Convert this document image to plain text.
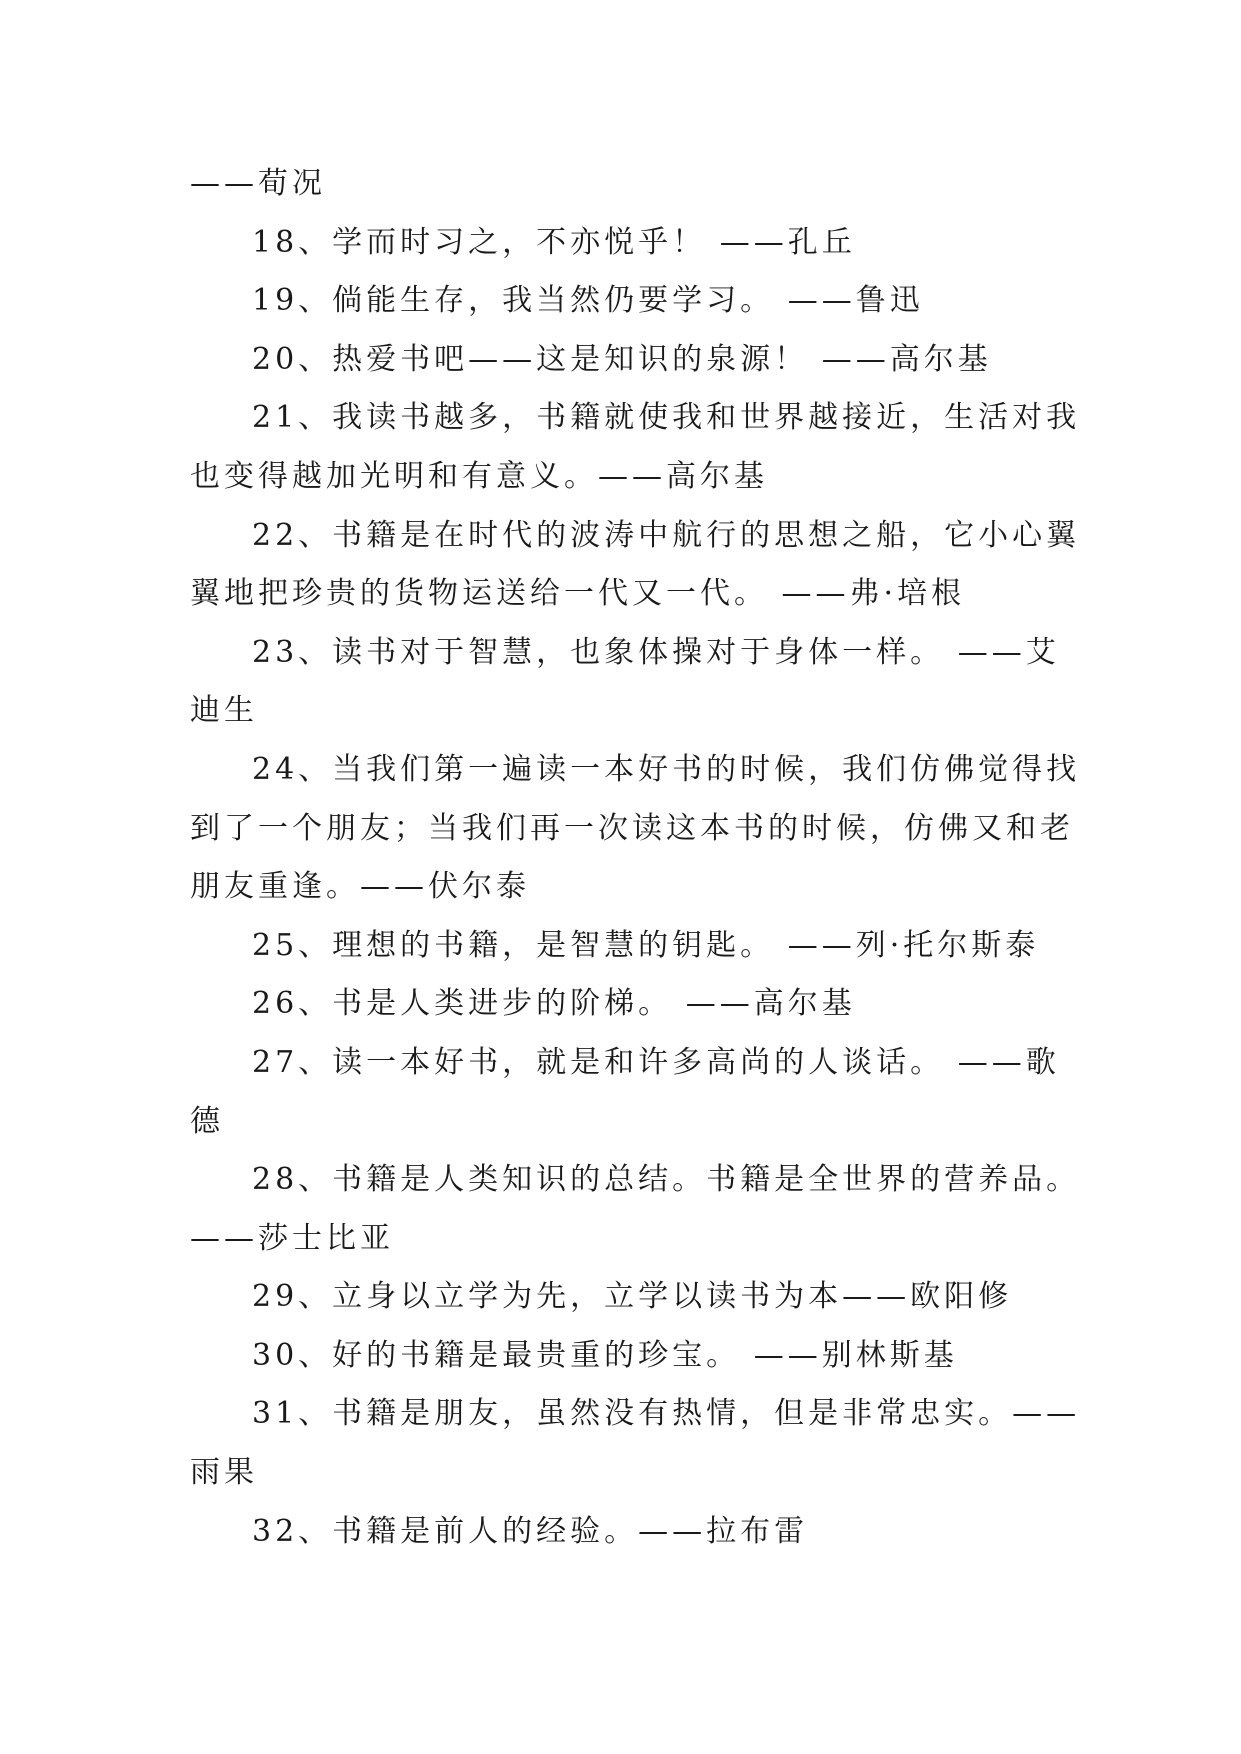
——荀况

18、学而时习之，不亦悦乎！ ——孔丘

19、倘能生存，我当然仍要学习。 ——鲁迅

20、热爱书吧——这是知识的泉源！ ——高尔基

21、我读书越多，书籍就使我和世界越接近，生活对我

也变得越加光明和有意义。——高尔基

22、书籍是在时代的波涛中航行的思想之船，它小心翼

翼地把珍贵的货物运送给一代又一代。 ——弗·培根

23、读书对于智慧，也象体操对于身体一样。 ——艾

迪生

24、当我们第一遍读一本好书的时候，我们仿佛觉得找

到了一个朋友；当我们再一次读这本书的时候，仿佛又和老

朋友重逢。——伏尔泰

25、理想的书籍，是智慧的钥匙。 ——列·托尔斯泰

26、书是人类进步的阶梯。 ——高尔基

27、读一本好书，就是和许多高尚的人谈话。 ——歌

德

28、书籍是人类知识的总结。书籍是全世界的营养品。

——莎士比亚

29、立身以立学为先，立学以读书为本——欧阳修

30、好的书籍是最贵重的珍宝。 ——别林斯基

31、书籍是朋友，虽然没有热情，但是非常忠实。——

雨果

32、书籍是前人的经验。——拉布雷
